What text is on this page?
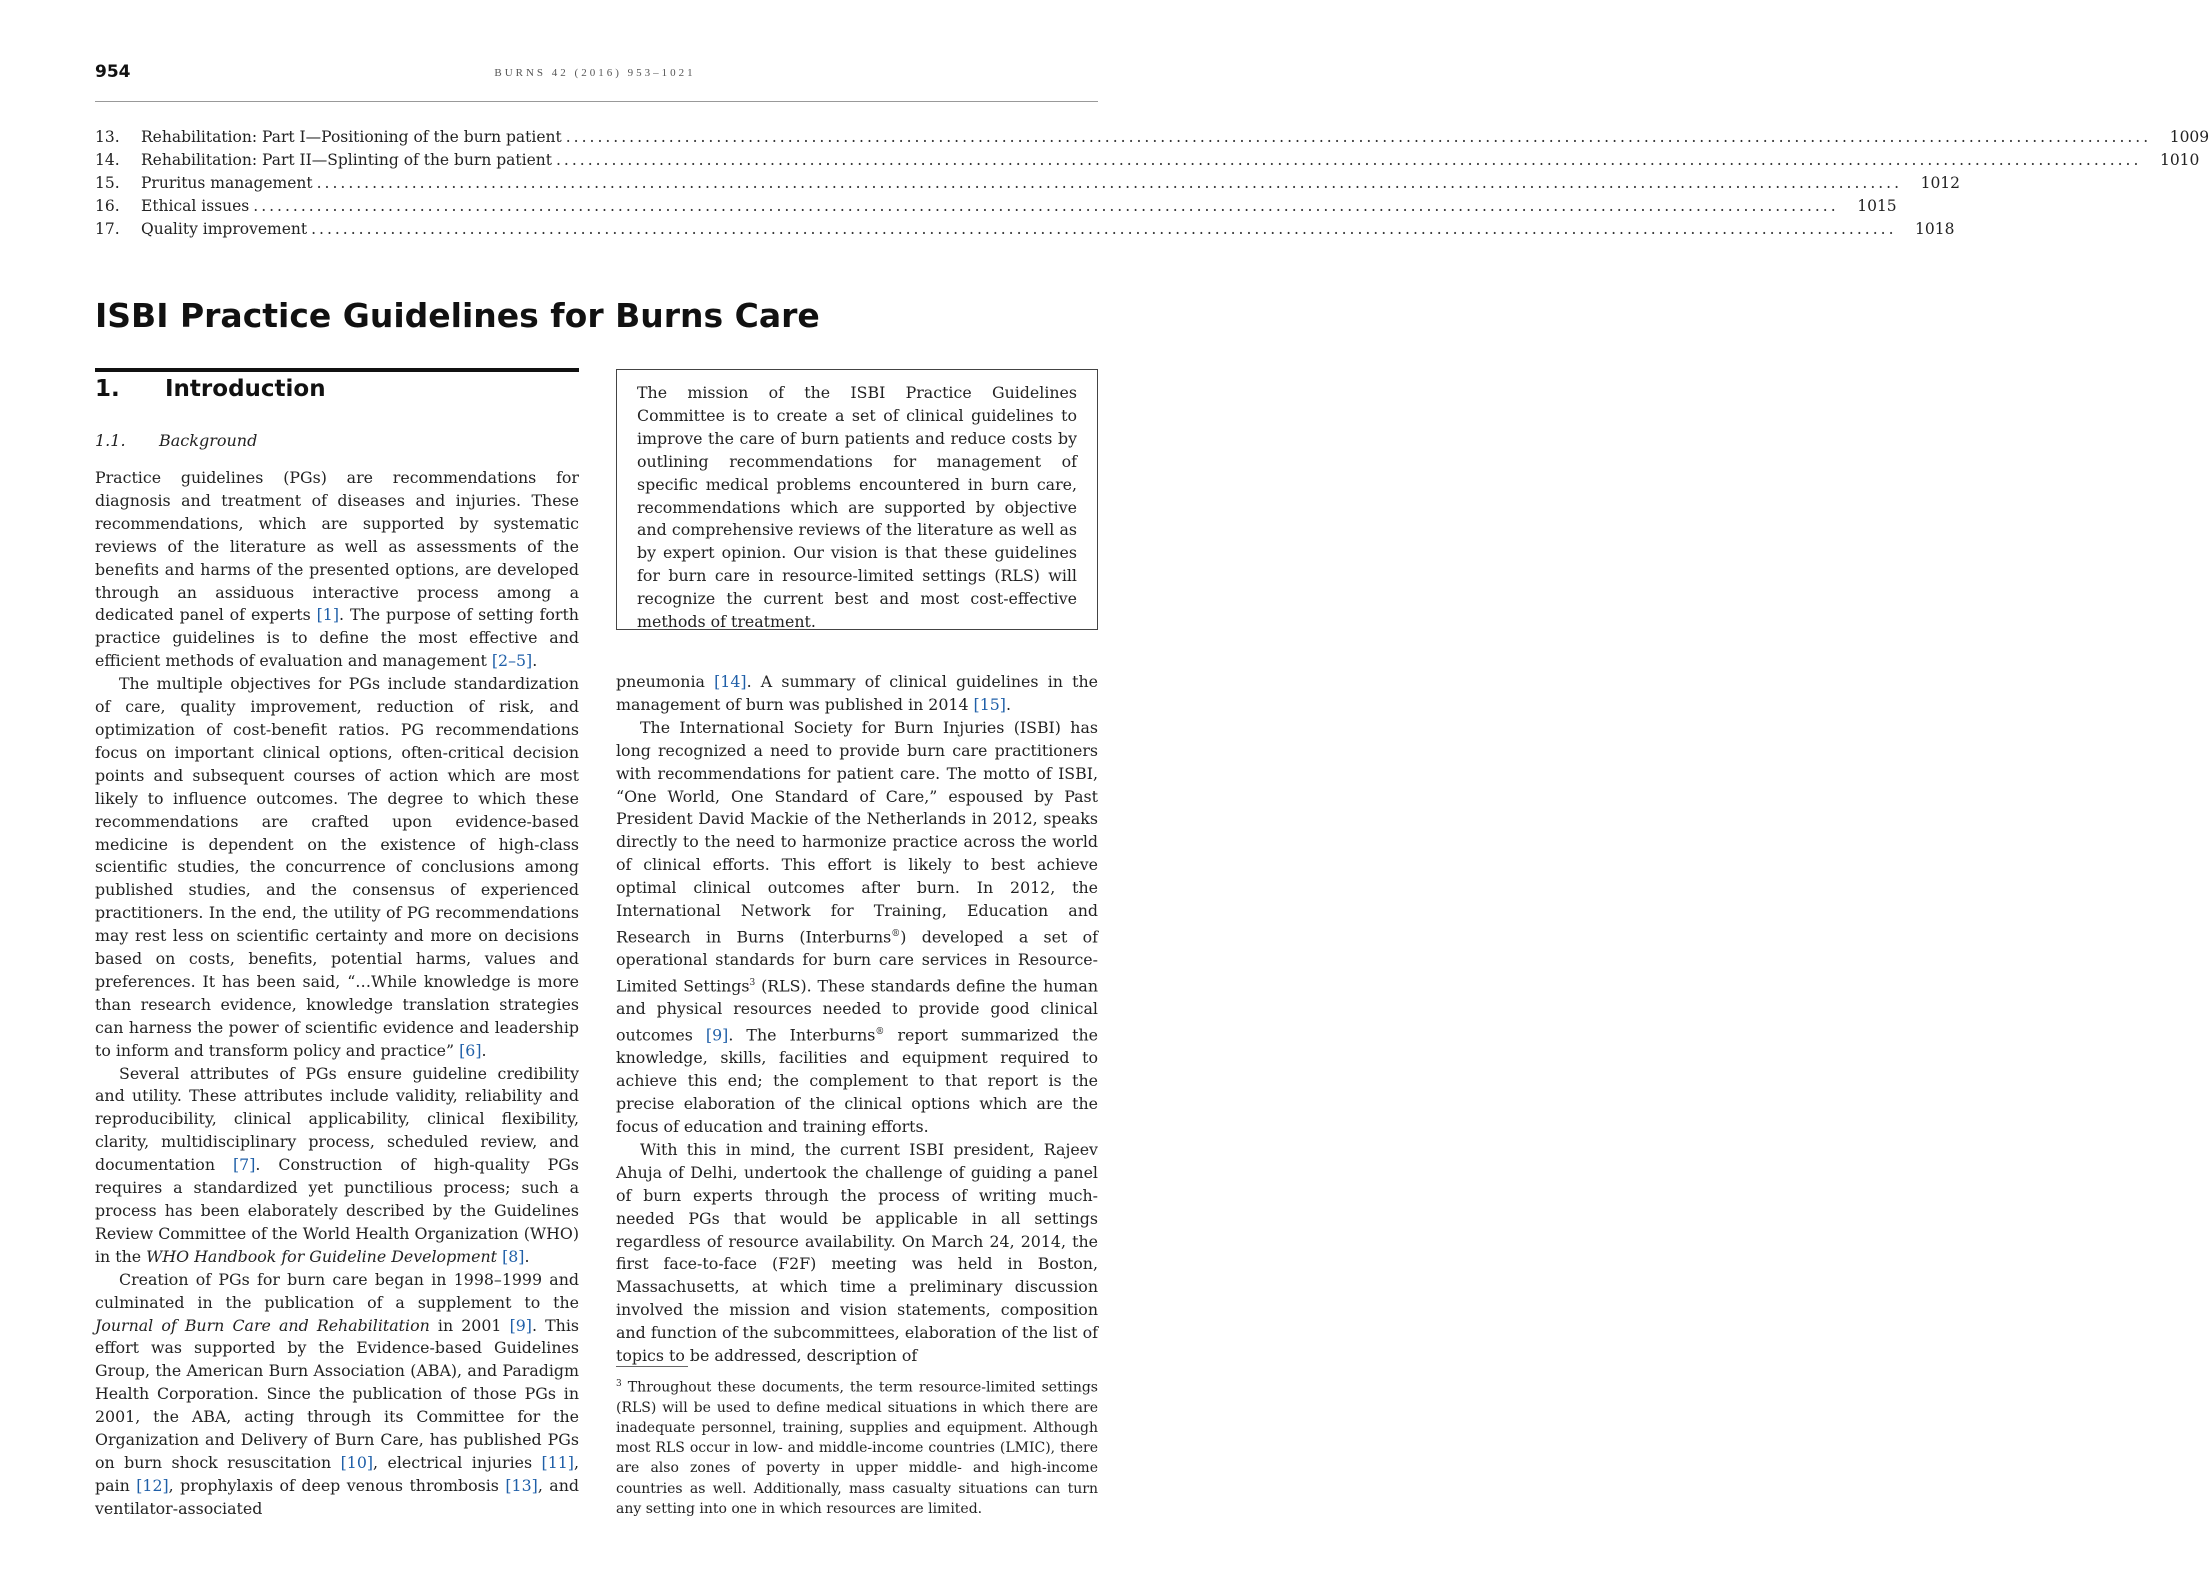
954	BURNS 42 (2016) 953–1021
13.	Rehabilitation: Part I—Positioning of the burn patient ........................................................................................................................................................................................................	1009
14.	Rehabilitation: Part II—Splinting of the burn patient ........................................................................................................................................................................................................	1010
15.	Pruritus management ........................................................................................................................................................................................................	1012
16.	Ethical issues ........................................................................................................................................................................................................	1015
17.	Quality improvement ........................................................................................................................................................................................................	1018
ISBI Practice Guidelines for Burns Care
1. Introduction
1.1. Background

Practice guidelines (PGs) are recommendations for diagnosis and treatment of diseases and injuries. These recommendations, which are supported by systematic reviews of the literature as well as assessments of the benefits and harms of the presented options, are developed through an assiduous interactive process among a dedicated panel of experts [1]. The purpose of setting forth practice guidelines is to define the most effective and efficient methods of evaluation and management [2–5].

The multiple objectives for PGs include standardization of care, quality improvement, reduction of risk, and optimization of cost-benefit ratios. PG recommendations focus on important clinical options, often-critical decision points and subsequent courses of action which are most likely to influence outcomes. The degree to which these recommendations are crafted upon evidence-based medicine is dependent on the existence of high-class scientific studies, the concurrence of conclusions among published studies, and the consensus of experienced practitioners. In the end, the utility of PG recommendations may rest less on scientific certainty and more on decisions based on costs, benefits, potential harms, values and preferences. It has been said, “…While knowledge is more than research evidence, knowledge translation strategies can harness the power of scientific evidence and leadership to inform and transform policy and practice” [6].

Several attributes of PGs ensure guideline credibility and utility. These attributes include validity, reliability and reproducibility, clinical applicability, clinical flexibility, clarity, multidisciplinary process, scheduled review, and documentation [7]. Construction of high-quality PGs requires a standardized yet punctilious process; such a process has been elaborately described by the Guidelines Review Committee of the World Health Organization (WHO) in the WHO Handbook for Guideline Development [8].

Creation of PGs for burn care began in 1998–1999 and culminated in the publication of a supplement to the Journal of Burn Care and Rehabilitation in 2001 [9]. This effort was supported by the Evidence-based Guidelines Group, the American Burn Association (ABA), and Paradigm Health Corporation. Since the publication of those PGs in 2001, the ABA, acting through its Committee for the Organization and Delivery of Burn Care, has published PGs on burn shock resuscitation [10], electrical injuries [11], pain [12], prophylaxis of deep venous thrombosis [13], and ventilator-associated

The mission of the ISBI Practice Guidelines Committee is to create a set of clinical guidelines to improve the care of burn patients and reduce costs by outlining recommendations for management of specific medical problems encountered in burn care, recommendations which are supported by objective and comprehensive reviews of the literature as well as by expert opinion. Our vision is that these guidelines for burn care in resource-limited settings (RLS) will recognize the current best and most cost-effective methods of treatment.

pneumonia [14]. A summary of clinical guidelines in the management of burn was published in 2014 [15].

The International Society for Burn Injuries (ISBI) has long recognized a need to provide burn care practitioners with recommendations for patient care. The motto of ISBI, “One World, One Standard of Care,” espoused by Past President David Mackie of the Netherlands in 2012, speaks directly to the need to harmonize practice across the world of clinical efforts. This effort is likely to best achieve optimal clinical outcomes after burn. In 2012, the International Network for Training, Education and Research in Burns (Interburns®) developed a set of operational standards for burn care services in Resource-Limited Settings$^3$ (RLS). These standards define the human and physical resources needed to provide good clinical outcomes [9]. The Interburns® report summarized the knowledge, skills, facilities and equipment required to achieve this end; the complement to that report is the precise elaboration of the clinical options which are the focus of education and training efforts.

With this in mind, the current ISBI president, Rajeev Ahuja of Delhi, undertook the challenge of guiding a panel of burn experts through the process of writing much-needed PGs that would be applicable in all settings regardless of resource availability. On March 24, 2014, the first face-to-face (F2F) meeting was held in Boston, Massachusetts, at which time a preliminary discussion involved the mission and vision statements, composition and function of the subcommittees, elaboration of the list of topics to be addressed, description of

$^3$ Throughout these documents, the term resource-limited settings (RLS) will be used to define medical situations in which there are inadequate personnel, training, supplies and equipment. Although most RLS occur in low- and middle-income countries (LMIC), there are also zones of poverty in upper middle- and high-income countries as well. Additionally, mass casualty situations can turn any setting into one in which resources are limited.
